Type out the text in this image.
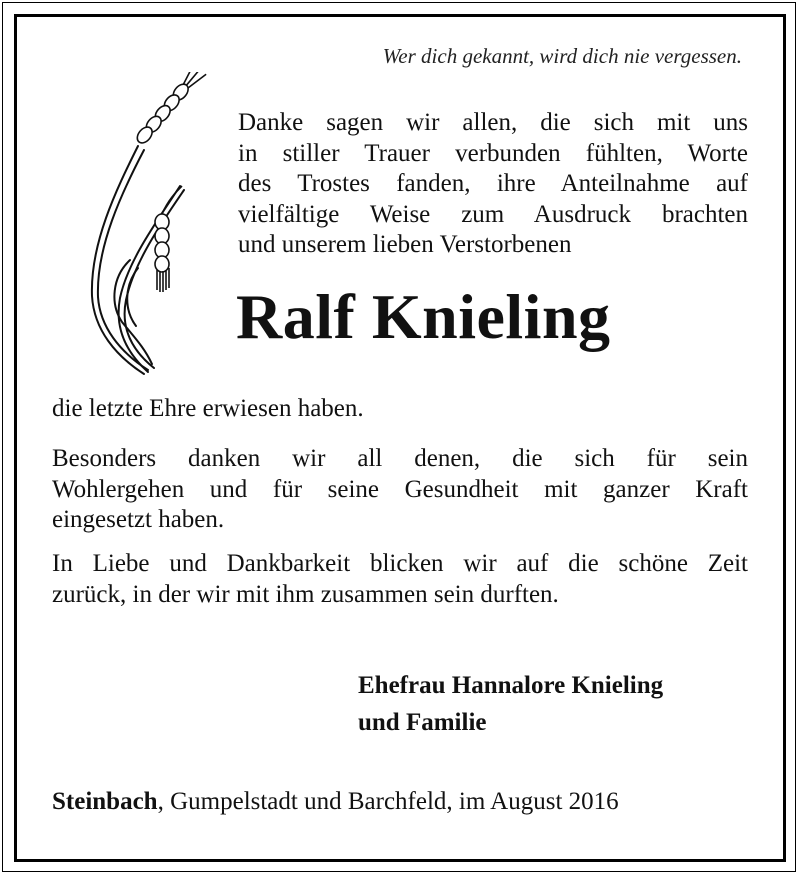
Wer dich gekannt, wird dich nie vergessen.
Danke sagen wir allen, die sich mit uns
in stiller Trauer verbunden fühlten, Worte
des Trostes fanden, ihre Anteilnahme auf
vielfältige Weise zum Ausdruck brachten
und unserem lieben Verstorbenen
Ralf Knieling
die letzte Ehre erwiesen haben.
Besonders danken wir all denen, die sich für sein
Wohlergehen und für seine Gesundheit mit ganzer Kraft
eingesetzt haben.
In Liebe und Dankbarkeit blicken wir auf die schöne Zeit
zurück, in der wir mit ihm zusammen sein durften.
Ehefrau Hannalore Knieling
und Familie
Steinbach, Gumpelstadt und Barchfeld, im August 2016
